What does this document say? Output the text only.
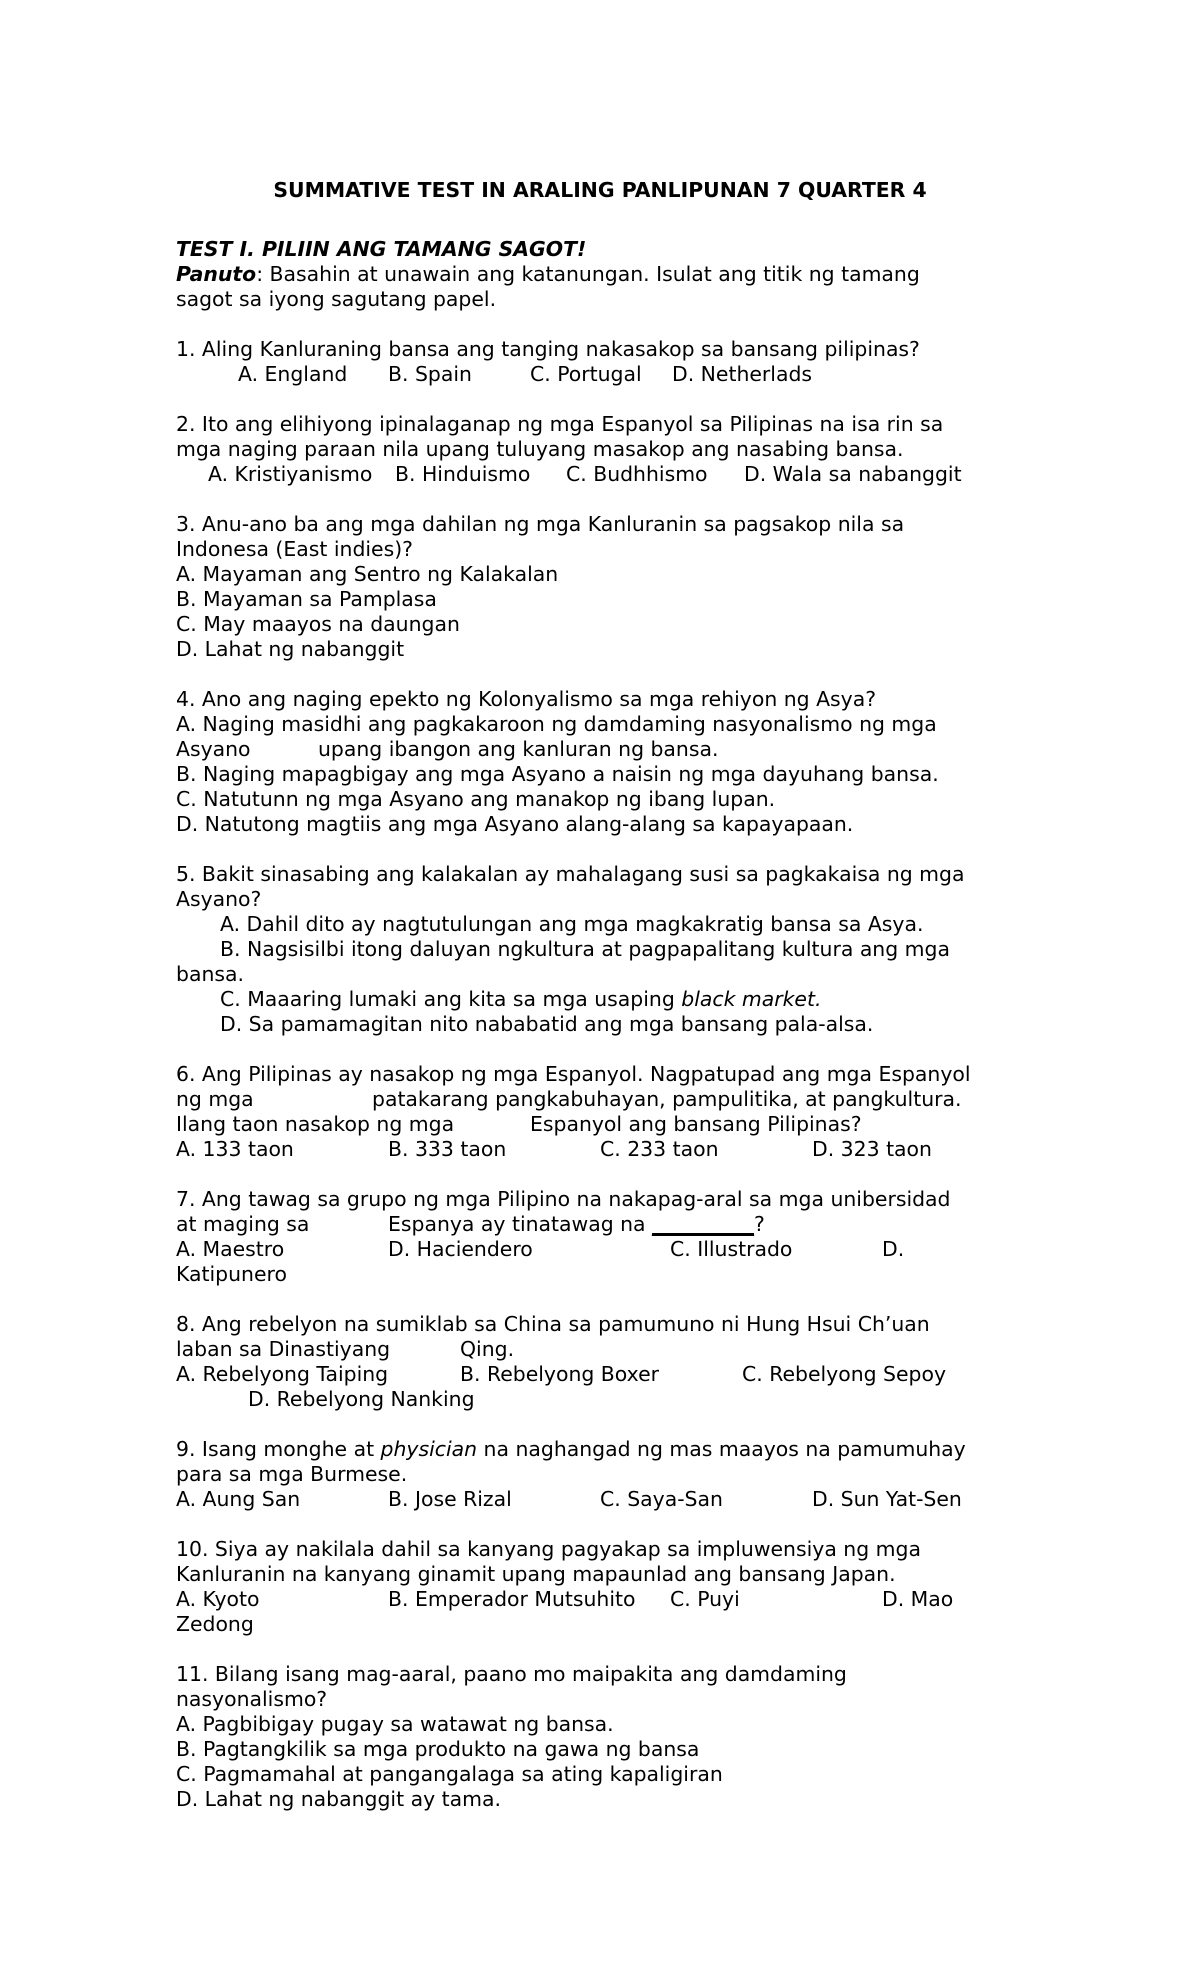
SUMMATIVE TEST IN ARALING PANLIPUNAN 7 QUARTER 4
TEST I. PILIIN ANG TAMANG SAGOT!
Panuto: Basahin at unawain ang katanungan. Isulat ang titik ng tamang
sagot sa iyong sagutang papel.
1. Aling Kanluraning bansa ang tanging nakasakop sa bansang pilipinas?
A. England B. Spain	C. Portugal D. Netherlads
2. Ito ang elihiyong ipinalaganap ng mga Espanyol sa Pilipinas na isa rin sa
mga naging paraan nila upang tuluyang masakop ang nasabing bansa.
A. Kristiyanismo B. Hinduismo C. Budhhismo D. Wala sa nabanggit
3. Anu-ano ba ang mga dahilan ng mga Kanluranin sa pagsakop nila sa
Indonesa (East indies)?
A. Mayaman ang Sentro ng Kalakalan
B. Mayaman sa Pamplasa
C. May maayos na daungan
D. Lahat ng nabanggit
4. Ano ang naging epekto ng Kolonyalismo sa mga rehiyon ng Asya?
A. Naging masidhi ang pagkakaroon ng damdaming nasyonalismo ng mga
Asyano	upang ibangon ang kanluran ng bansa.
B. Naging mapagbigay ang mga Asyano a naisin ng mga dayuhang bansa.
C. Natutunn ng mga Asyano ang manakop ng ibang lupan.
D. Natutong magtiis ang mga Asyano alang-alang sa kapayapaan.
5. Bakit sinasabing ang kalakalan ay mahalagang susi sa pagkakaisa ng mga
Asyano?
A. Dahil dito ay nagtutulungan ang mga magkakratig bansa sa Asya.
B. Nagsisilbi itong daluyan ngkultura at pagpapalitang kultura ang mga
bansa.
C. Maaaring lumaki ang kita sa mga usaping black market.
D. Sa pamamagitan nito nababatid ang mga bansang pala-alsa.
6. Ang Pilipinas ay nasakop ng mga Espanyol. Nagpatupad ang mga Espanyol
ng mga	patakarang pangkabuhayan, pampulitika, at pangkultura.
Ilang taon nasakop ng mga	Espanyol ang bansang Pilipinas?
A. 133 taon	B. 333 taon	C. 233 taon	D. 323 taon
7. Ang tawag sa grupo ng mga Pilipino na nakapag-aral sa mga unibersidad
at maging sa	Espanya ay tinatawag na __________?
A. Maestro	D. Haciendero	C. Illustrado	D.
Katipunero
8. Ang rebelyon na sumiklab sa China sa pamumuno ni Hung Hsui Ch’uan
laban sa Dinastiyang	Qing.
A. Rebelyong Taiping	B. Rebelyong Boxer	C. Rebelyong Sepoy
D. Rebelyong Nanking
9. Isang monghe at physician na naghangad ng mas maayos na pamumuhay
para sa mga Burmese.
A. Aung San	B. Jose Rizal	C. Saya-San	D. Sun Yat-Sen
10. Siya ay nakilala dahil sa kanyang pagyakap sa impluwensiya ng mga
Kanluranin na kanyang ginamit upang mapaunlad ang bansang Japan.
A. Kyoto	B. Emperador Mutsuhito C. Puyi	D. Mao
Zedong
11. Bilang isang mag-aaral, paano mo maipakita ang damdaming
nasyonalismo?
A. Pagbibigay pugay sa watawat ng bansa.
B. Pagtangkilik sa mga produkto na gawa ng bansa
C. Pagmamahal at pangangalaga sa ating kapaligiran
D. Lahat ng nabanggit ay tama.
